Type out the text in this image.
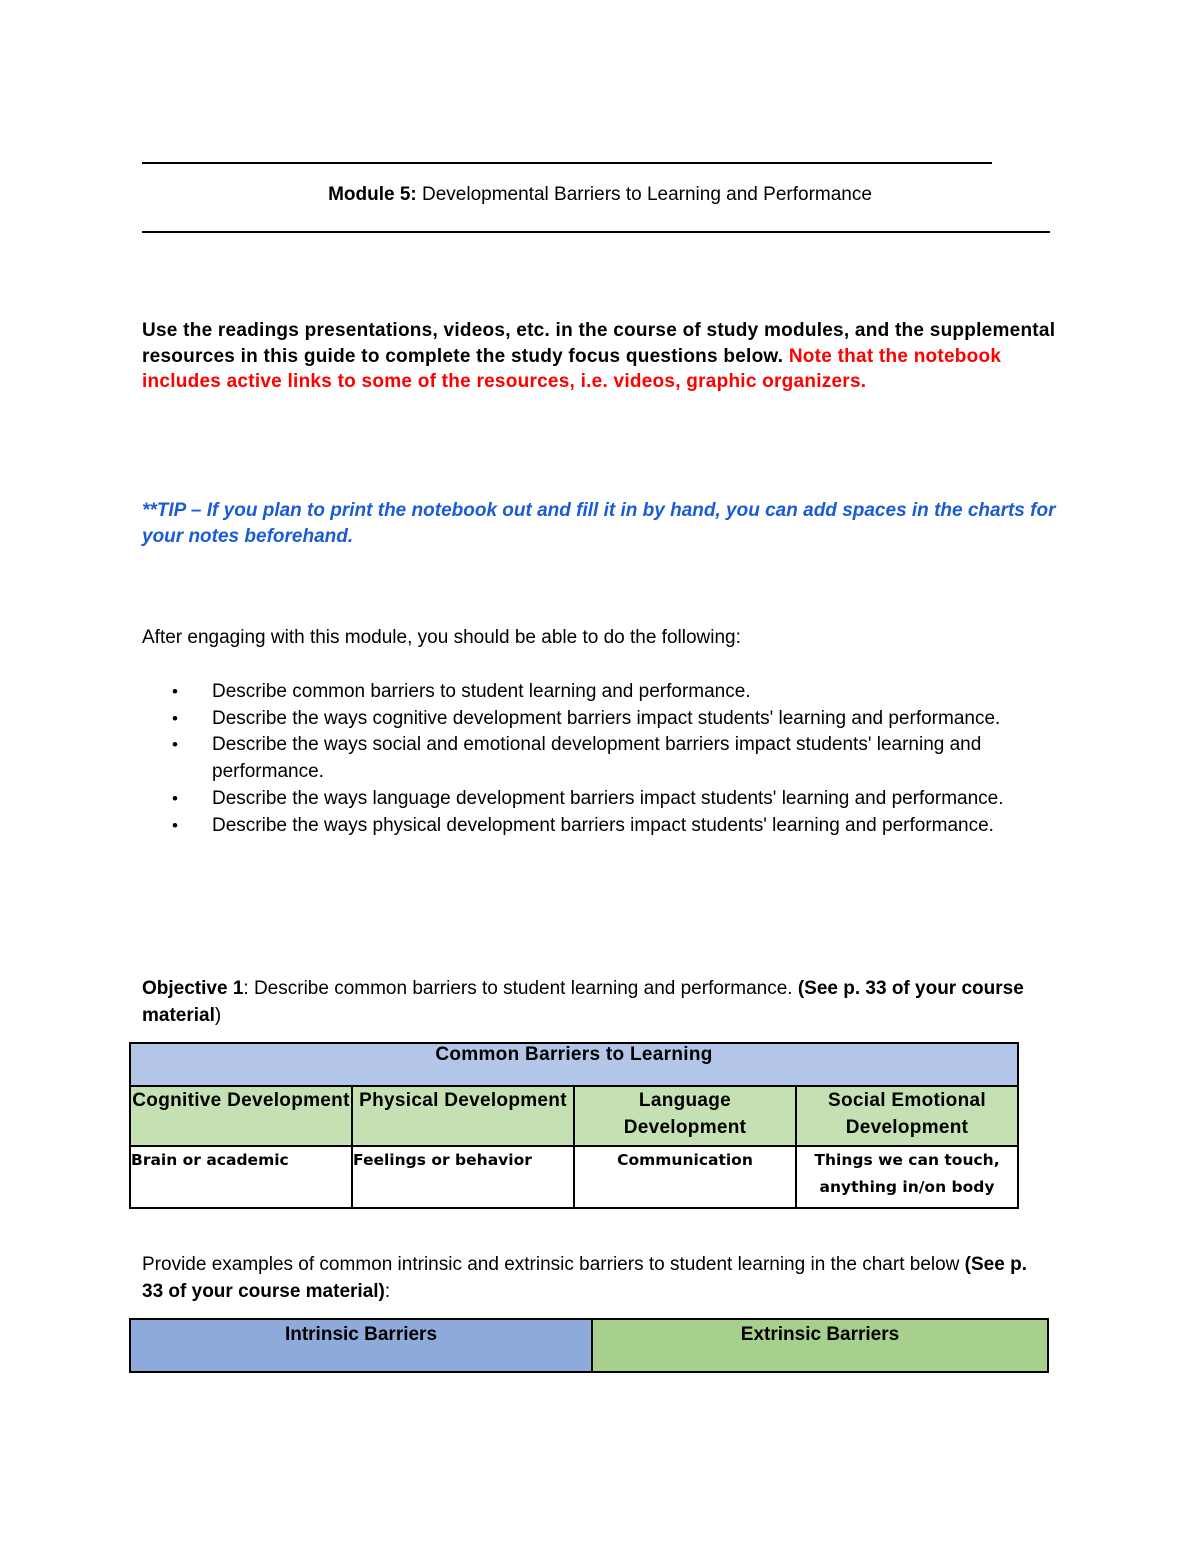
Module 5: Developmental Barriers to Learning and Performance
Use the readings presentations, videos, etc. in the course of study modules, and the supplemental resources in this guide to complete the study focus questions below. Note that the notebook includes active links to some of the resources, i.e. videos, graphic organizers.
**TIP – If you plan to print the notebook out and fill it in by hand, you can add spaces in the charts for your notes beforehand.
After engaging with this module, you should be able to do the following:
• Describe common barriers to student learning and performance.
• Describe the ways cognitive development barriers impact students' learning and performance.
• Describe the ways social and emotional development barriers impact students' learning and performance.
• Describe the ways language development barriers impact students' learning and performance.
• Describe the ways physical development barriers impact students' learning and performance.
Objective 1: Describe common barriers to student learning and performance. (See p. 33 of your course material)
Common Barriers to Learning			
Cognitive Development	Physical Development	Language Development	Social Emotional Development
Brain or academic	Feelings or behavior	Communication	Things we can touch, anything in/on body
Provide examples of common intrinsic and extrinsic barriers to student learning in the chart below (See p. 33 of your course material):
Intrinsic Barriers	Extrinsic Barriers
